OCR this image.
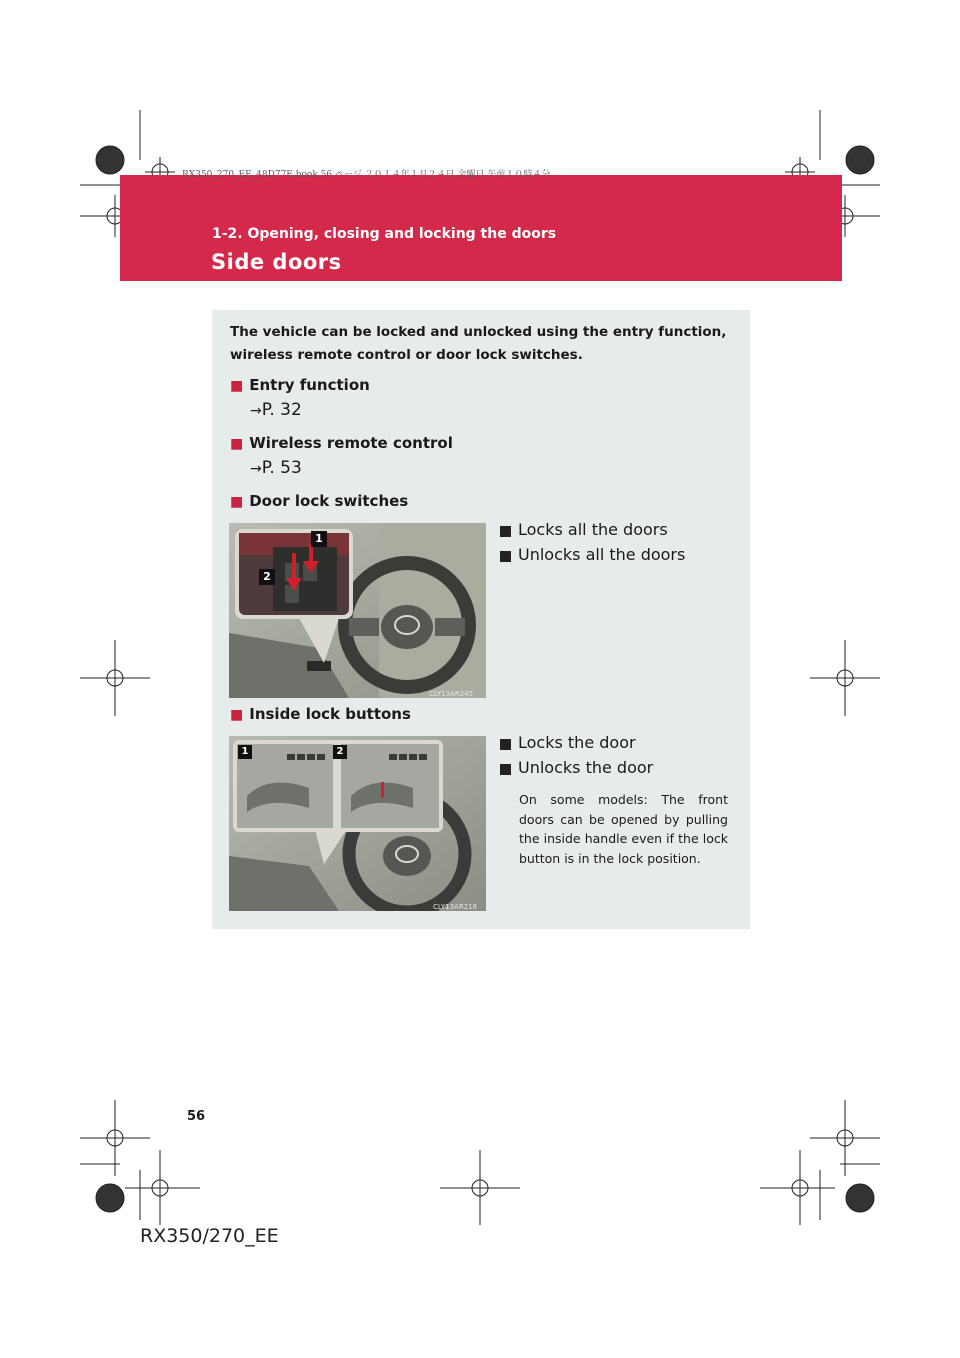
RX350_270_EE_48D77E.book 56 ページ ２０１４年１月２４日 金曜日 午前１０時４分
1-2. Opening, closing and locking the doors
Side doors
The vehicle can be locked and unlocked using the entry function, wireless remote control or door lock switches.
■ Entry function
→P. 32
■ Wireless remote control
→P. 53
■ Door lock switches
CLY13AR245
1
2
Locks all the doors
Unlocks all the doors
■ Inside lock buttons
CLY13AR218
1	2	Locks the door
Unlocks the door
On some models: The front doors can be opened by pulling the inside handle even if the lock button is in the lock position.
56
RX350/270_EE
